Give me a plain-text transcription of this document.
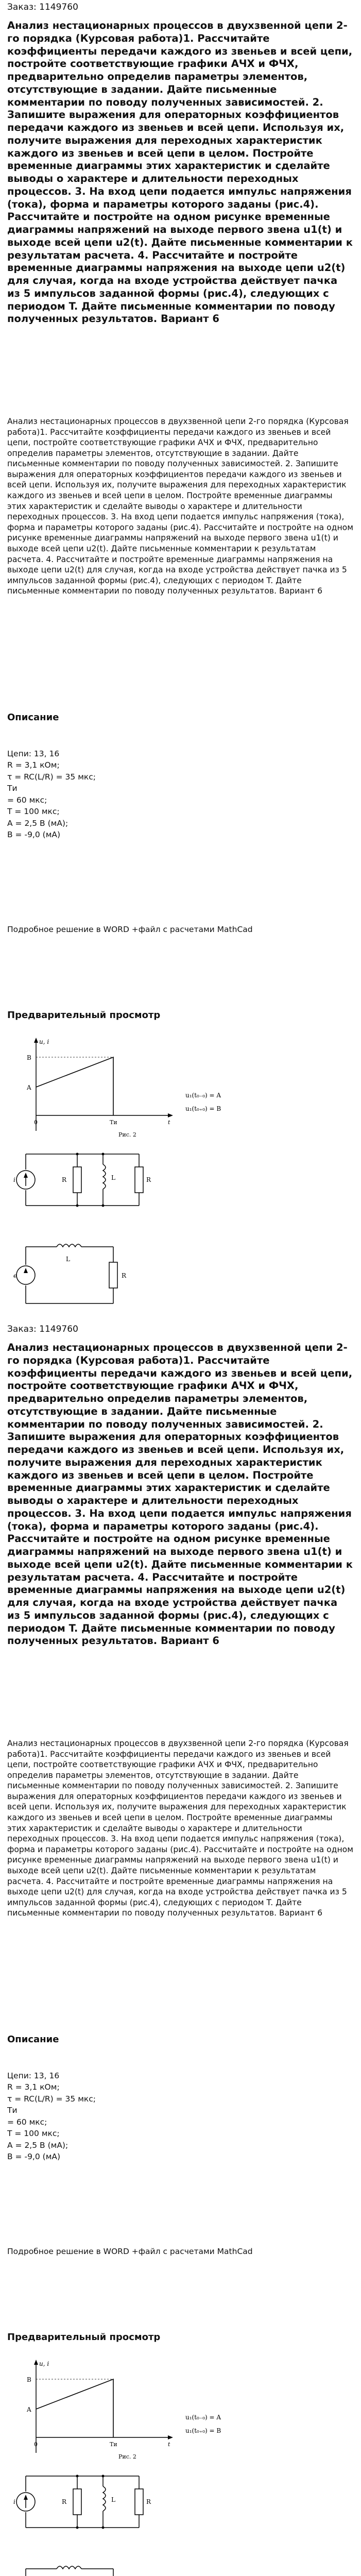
Заказ: 1149760
Анализ нестационарных процессов в двухзвенной цепи 2-го порядка (Курсовая работа)1. Рассчитайте коэффициенты передачи каждого из звеньев и всей цепи, постройте соответствующие графики АЧХ и ФЧХ, предварительно определив параметры элементов, отсутствующие в задании. Дайте письменные комментарии по поводу полученных зависимостей. 2. Запишите выражения для операторных коэффициентов передачи каждого из звеньев и всей цепи. Используя их, получите выражения для переходных характеристик каждого из звеньев и всей цепи в целом. Постройте временные диаграммы этих характеристик и сделайте выводы о характере и длительности переходных процессов. 3. На вход цепи подается импульс напряжения (тока), форма и параметры которого заданы (рис.4). Рассчитайте и постройте на одном рисунке временные диаграммы напряжений на выходе первого звена u1(t) и выходе всей цепи u2(t). Дайте письменные комментарии к результатам расчета. 4. Рассчитайте и постройте временные диаграммы напряжения на выходе цепи u2(t) для случая, когда на входе устройства действует пачка из 5 импульсов заданной формы (рис.4), следующих с периодом T. Дайте письменные комментарии по поводу полученных результатов. Вариант 6

Анализ нестационарных процессов в двухзвенной цепи 2-го порядка (Курсовая работа)1. Рассчитайте коэффициенты передачи каждого из звеньев и всей цепи, постройте соответствующие графики АЧХ и ФЧХ, предварительно определив параметры элементов, отсутствующие в задании. Дайте письменные комментарии по поводу полученных зависимостей. 2. Запишите выражения для операторных коэффициентов передачи каждого из звеньев и всей цепи. Используя их, получите выражения для переходных характеристик каждого из звеньев и всей цепи в целом. Постройте временные диаграммы этих характеристик и сделайте выводы о характере и длительности переходных процессов. 3. На вход цепи подается импульс напряжения (тока), форма и параметры которого заданы (рис.4). Рассчитайте и постройте на одном рисунке временные диаграммы напряжений на выходе первого звена u1(t) и выходе всей цепи u2(t). Дайте письменные комментарии к результатам расчета. 4. Рассчитайте и постройте временные диаграммы напряжения на выходе цепи u2(t) для случая, когда на входе устройства действует пачка из 5 импульсов заданной формы (рис.4), следующих с периодом T. Дайте письменные комментарии по поводу полученных результатов. Вариант 6

Описание
Цепи: 13, 16
R = 3,1 кОм;
τ = RC(L/R) = 35 мкс;
Tи
= 60 мкс;
T = 100 мкс;
A = 2,5 В (мА);
B = -9,0 (мА)

Подробное решение в WORD +файл с расчетами MathCad

Предварительный просмотр
u, i
B
A
0	Tи	t
u₁(t₀₋₀) = A
u₁(t₀₊₀) = B
Рис. 2
i	R	L	R
e
L
R
Заказ: 1149760
Анализ нестационарных процессов в двухзвенной цепи 2-го порядка (Курсовая работа)1. Рассчитайте коэффициенты передачи каждого из звеньев и всей цепи, постройте соответствующие графики АЧХ и ФЧХ, предварительно определив параметры элементов, отсутствующие в задании. Дайте письменные комментарии по поводу полученных зависимостей. 2. Запишите выражения для операторных коэффициентов передачи каждого из звеньев и всей цепи. Используя их, получите выражения для переходных характеристик каждого из звеньев и всей цепи в целом. Постройте временные диаграммы этих характеристик и сделайте выводы о характере и длительности переходных процессов. 3. На вход цепи подается импульс напряжения (тока), форма и параметры которого заданы (рис.4). Рассчитайте и постройте на одном рисунке временные диаграммы напряжений на выходе первого звена u1(t) и выходе всей цепи u2(t). Дайте письменные комментарии к результатам расчета. 4. Рассчитайте и постройте временные диаграммы напряжения на выходе цепи u2(t) для случая, когда на входе устройства действует пачка из 5 импульсов заданной формы (рис.4), следующих с периодом T. Дайте письменные комментарии по поводу полученных результатов. Вариант 6

Анализ нестационарных процессов в двухзвенной цепи 2-го порядка (Курсовая работа)1. Рассчитайте коэффициенты передачи каждого из звеньев и всей цепи, постройте соответствующие графики АЧХ и ФЧХ, предварительно определив параметры элементов, отсутствующие в задании. Дайте письменные комментарии по поводу полученных зависимостей. 2. Запишите выражения для операторных коэффициентов передачи каждого из звеньев и всей цепи. Используя их, получите выражения для переходных характеристик каждого из звеньев и всей цепи в целом. Постройте временные диаграммы этих характеристик и сделайте выводы о характере и длительности переходных процессов. 3. На вход цепи подается импульс напряжения (тока), форма и параметры которого заданы (рис.4). Рассчитайте и постройте на одном рисунке временные диаграммы напряжений на выходе первого звена u1(t) и выходе всей цепи u2(t). Дайте письменные комментарии к результатам расчета. 4. Рассчитайте и постройте временные диаграммы напряжения на выходе цепи u2(t) для случая, когда на входе устройства действует пачка из 5 импульсов заданной формы (рис.4), следующих с периодом T. Дайте письменные комментарии по поводу полученных результатов. Вариант 6

Описание
Цепи: 13, 16
R = 3,1 кОм;
τ = RC(L/R) = 35 мкс;
Tи
= 60 мкс;
T = 100 мкс;
A = 2,5 В (мА);
B = -9,0 (мА)

Подробное решение в WORD +файл с расчетами MathCad

Предварительный просмотр
u, i
B
A
0	Tи	t
u₁(t₀₋₀) = A
u₁(t₀₊₀) = B
Рис. 2
i	R	L	R
